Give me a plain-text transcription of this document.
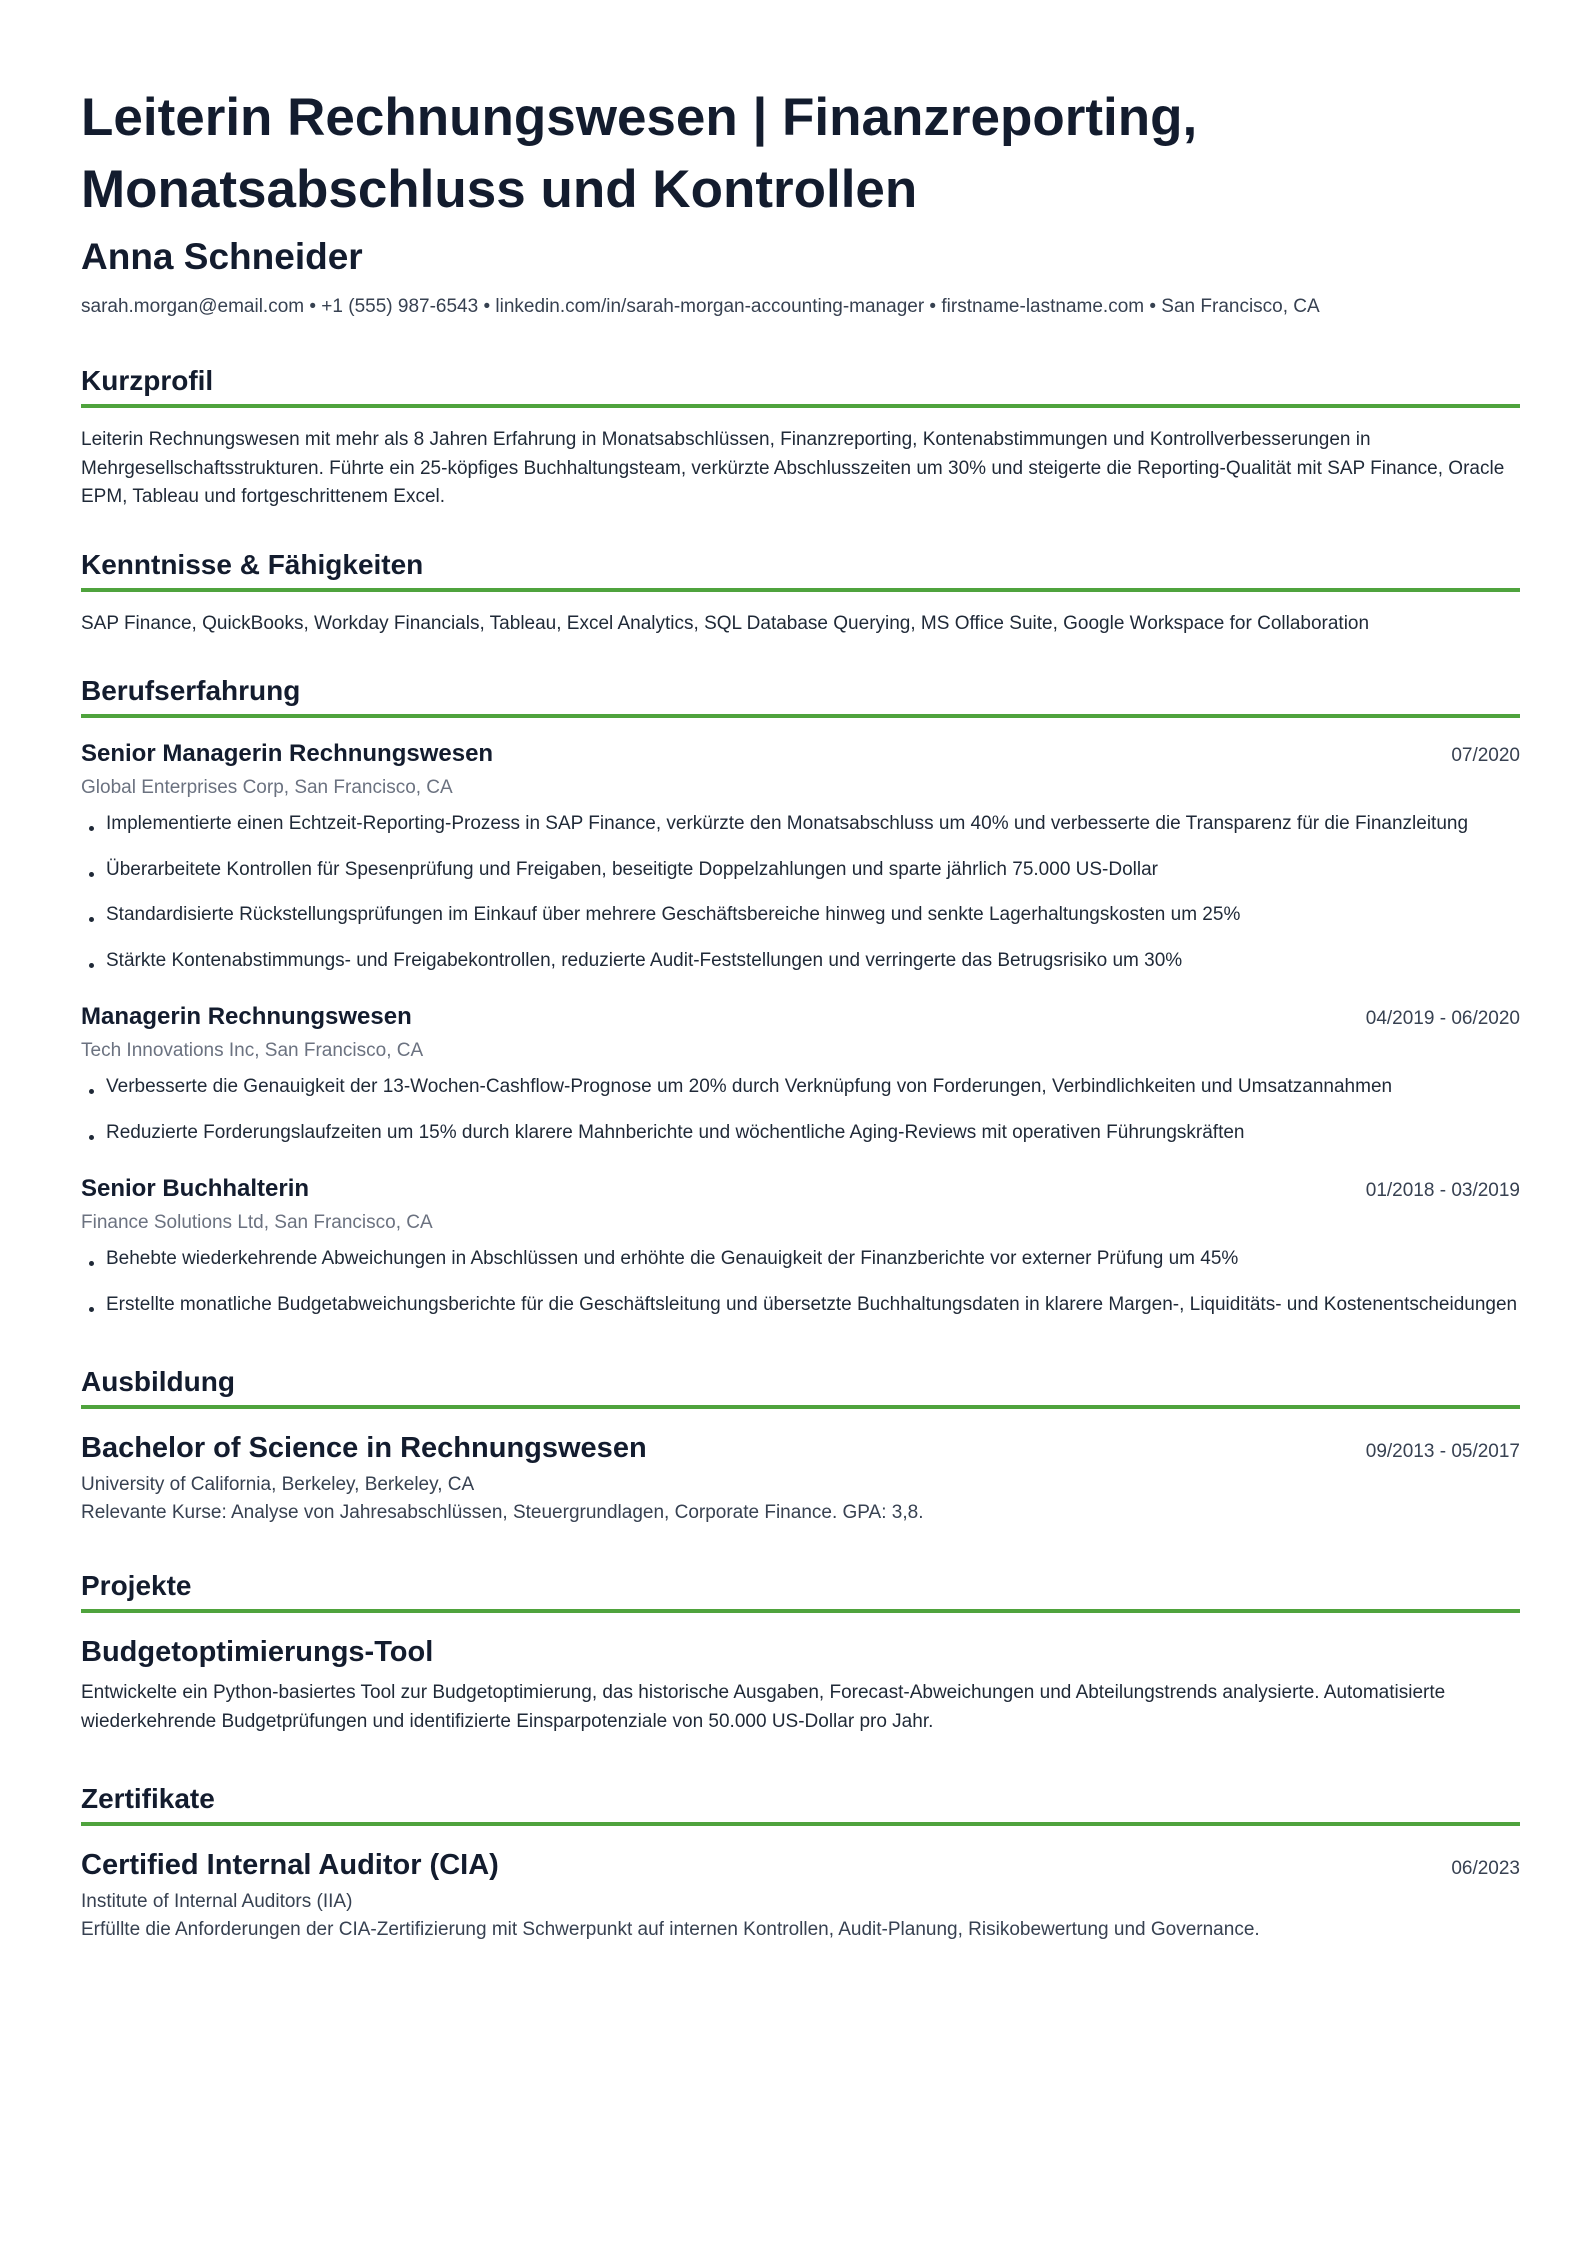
Leiterin Rechnungswesen | Finanzreporting,
Monatsabschluss und Kontrollen
Anna Schneider
sarah.morgan@email.com • +1 (555) 987-6543 • linkedin.com/in/sarah-morgan-accounting-manager • firstname-lastname.com • San Francisco, CA
Kurzprofil
Leiterin Rechnungswesen mit mehr als 8 Jahren Erfahrung in Monatsabschlüssen, Finanzreporting, Kontenabstimmungen und Kontrollverbesserungen in Mehrgesellschaftsstrukturen. Führte ein 25-köpfiges Buchhaltungsteam, verkürzte Abschlusszeiten um 30% und steigerte die Reporting-Qualität mit SAP Finance, Oracle EPM, Tableau und fortgeschrittenem Excel.
Kenntnisse & Fähigkeiten
SAP Finance, QuickBooks, Workday Financials, Tableau, Excel Analytics, SQL Database Querying, MS Office Suite, Google Workspace for Collaboration
Berufserfahrung
Senior Managerin Rechnungswesen	07/2020
Global Enterprises Corp, San Francisco, CA
Implementierte einen Echtzeit-Reporting-Prozess in SAP Finance, verkürzte den Monatsabschluss um 40% und verbesserte die Transparenz für die Finanzleitung
Überarbeitete Kontrollen für Spesenprüfung und Freigaben, beseitigte Doppelzahlungen und sparte jährlich 75.000 US-Dollar
Standardisierte Rückstellungsprüfungen im Einkauf über mehrere Geschäftsbereiche hinweg und senkte Lagerhaltungskosten um 25%
Stärkte Kontenabstimmungs- und Freigabekontrollen, reduzierte Audit-Feststellungen und verringerte das Betrugsrisiko um 30%
Managerin Rechnungswesen	04/2019 - 06/2020
Tech Innovations Inc, San Francisco, CA
Verbesserte die Genauigkeit der 13-Wochen-Cashflow-Prognose um 20% durch Verknüpfung von Forderungen, Verbindlichkeiten und Umsatzannahmen
Reduzierte Forderungslaufzeiten um 15% durch klarere Mahnberichte und wöchentliche Aging-Reviews mit operativen Führungskräften
Senior Buchhalterin	01/2018 - 03/2019
Finance Solutions Ltd, San Francisco, CA
Behebte wiederkehrende Abweichungen in Abschlüssen und erhöhte die Genauigkeit der Finanzberichte vor externer Prüfung um 45%
Erstellte monatliche Budgetabweichungsberichte für die Geschäftsleitung und übersetzte Buchhaltungsdaten in klarere Margen-, Liquiditäts- und Kostenentscheidungen
Ausbildung
Bachelor of Science in Rechnungswesen	09/2013 - 05/2017
University of California, Berkeley, Berkeley, CA
Relevante Kurse: Analyse von Jahresabschlüssen, Steuergrundlagen, Corporate Finance. GPA: 3,8.
Projekte
Budgetoptimierungs-Tool
Entwickelte ein Python-basiertes Tool zur Budgetoptimierung, das historische Ausgaben, Forecast-Abweichungen und Abteilungstrends analysierte. Automatisierte wiederkehrende Budgetprüfungen und identifizierte Einsparpotenziale von 50.000 US-Dollar pro Jahr.
Zertifikate
Certified Internal Auditor (CIA)	06/2023
Institute of Internal Auditors (IIA)
Erfüllte die Anforderungen der CIA-Zertifizierung mit Schwerpunkt auf internen Kontrollen, Audit-Planung, Risikobewertung und Governance.
